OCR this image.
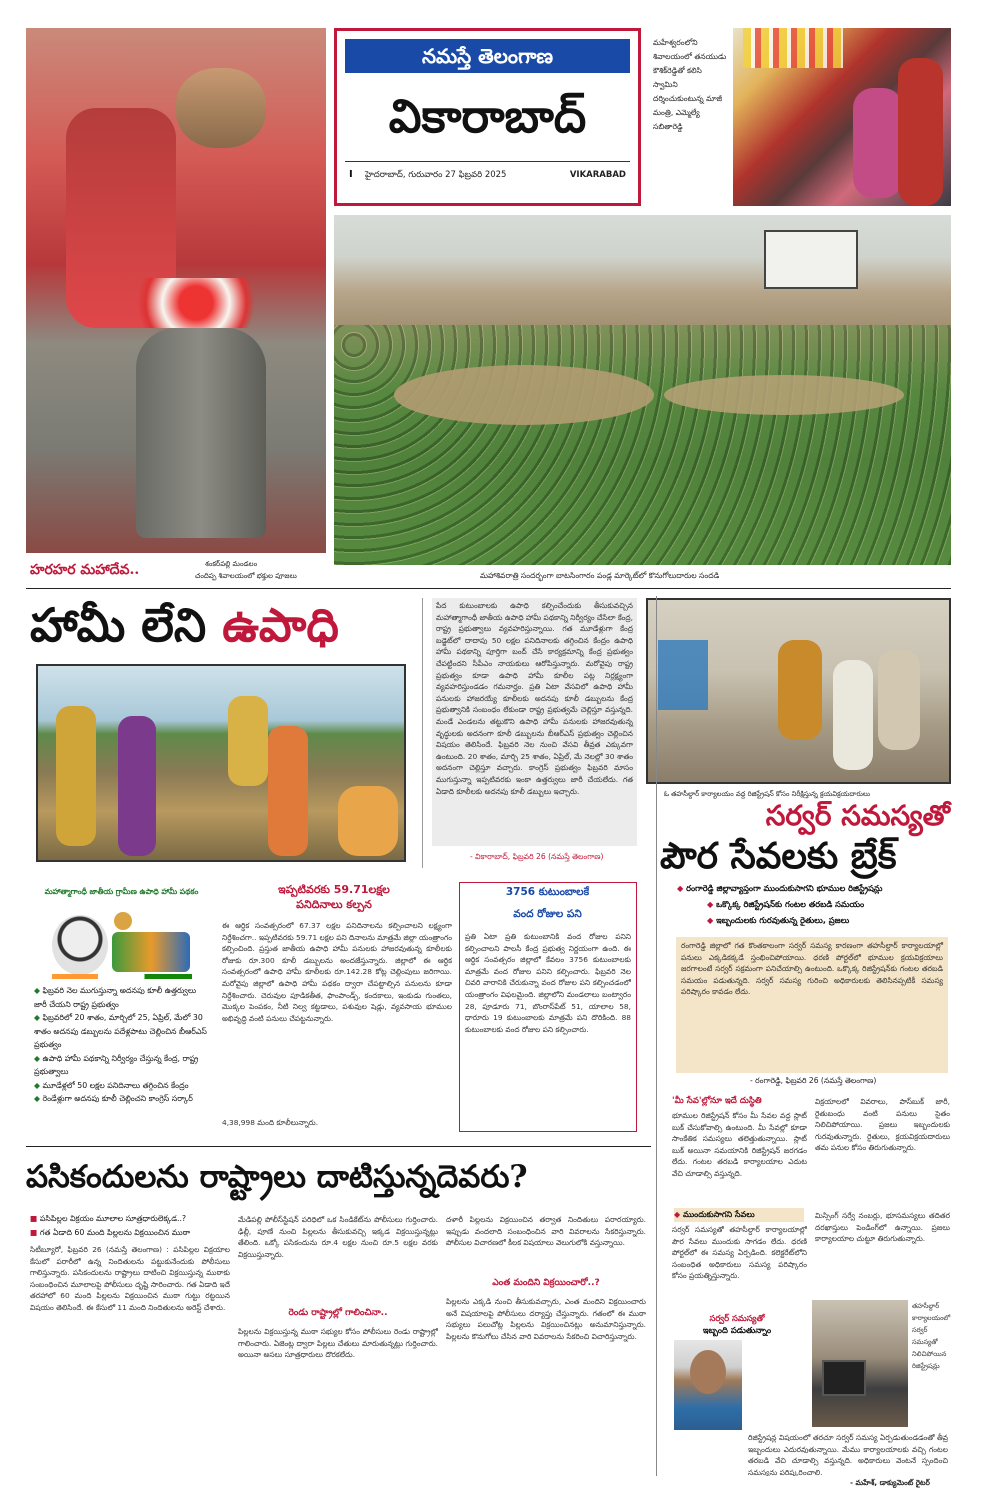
హరహర మహాదేవ..	శంకర్‌పల్లి మండలం
చందిప్ప శివాలయంలో భక్తుల పూజలు
నమస్తే తెలంగాణ
వికారాబాద్
I హైదరాబాద్, గురువారం 27 ఫిబ్రవరి 2025	VIKARABAD
మహేశ్వరంలోని శివాలయంలో తనయుడు కౌశిక్‌రెడ్డితో కలిసి స్వామిని దర్శించుకుంటున్న మాజీ మంత్రి, ఎమ్మెల్యే సబితారెడ్డి
మహాశివరాత్రి సందర్భంగా బాటసింగారం పండ్ల మార్కెట్‌లో కొనుగోలుదారుల సందడి
హామీ లేని ఉపాధి	పేద కుటుంబాలకు ఉపాధి కల్పించేందుకు తీసుకువచ్చిన మహాత్మాగాంధీ జాతీయ ఉపాధి హామీ పథకాన్ని నిర్వీర్యం చేసేలా కేంద్ర, రాష్ట్ర ప్రభుత్వాలు వ్యవహరిస్తున్నాయి. గత మూడేళ్లుగా కేంద్ర బడ్జెట్‌లో దాదాపు 50 లక్షల పనిదినాలకు తగ్గించిన కేంద్రం ఉపాధి హామీ పథకాన్ని పూర్తిగా బంద్ చేసే కార్యక్రమాన్ని కేంద్ర ప్రభుత్వం చేపట్టిందని సీపీఎం నాయకులు ఆరోపిస్తున్నారు. మరోవైపు రాష్ట్ర ప్రభుత్వం కూడా ఉపాధి హామీ కూలీల పట్ల నిర్లక్ష్యంగా వ్యవహరిస్తుండడం గమనార్హం. ప్రతి ఏటా వేసవిలో ఉపాధి హామీ పనులకు హాజరయ్యే కూలీలకు అదనపు కూలీ డబ్బులను కేంద్ర ప్రభుత్వానికి సంబంధం లేకుండా రాష్ట్ర ప్రభుత్వమే చెల్లిస్తూ వస్తున్నది. మండే ఎండలను తట్టుకొని ఉపాధి హామీ పనులకు హాజరవుతున్న వృద్ధులకు అదనంగా కూలీ డబ్బులను బీఆర్‌ఎస్ ప్రభుత్వం చెల్లించిన విషయం తెలిసిందే. ఫిబ్రవరి నెల నుంచి వేసవి తీవ్రత ఎక్కువగా ఉంటుంది. 20 శాతం, మార్చి 25 శాతం, ఏప్రిల్, మే నెలల్లో 30 శాతం అదనంగా చెల్లిస్తూ వచ్చారు. కాంగ్రెస్ ప్రభుత్వం ఫిబ్రవరి మాసం ముగుస్తున్నా ఇప్పటివరకు ఇంకా ఉత్తర్వులు జారీ చేయలేదు. గత ఏడాది కూలీలకు అదనపు కూలీ డబ్బులు ఇచ్చారు.
- వికారాబాద్, ఫిబ్రవరి 26 (నమస్తే తెలంగాణ)
ఓ తహసీల్దార్ కార్యాలయం వద్ద రిజిస్ట్రేషన్ కోసం నిరీక్షిస్తున్న క్రయవిక్రయదారులు
సర్వర్ సమస్యతో
పౌర సేవలకు బ్రేక్
◆ రంగారెడ్డి జిల్లావ్యాప్తంగా ముందుకుసాగని భూముల రిజిస్ట్రేషన్లు
◆ ఒక్కొక్క రిజిస్ట్రేషన్‌కు గంటల తరబడి సమయం
◆ ఇబ్బందులకు గురవుతున్న రైతులు, ప్రజలు
రంగారెడ్డి జిల్లాలో గత కొంతకాలంగా సర్వర్ సమస్య కారణంగా తహసీల్దార్ కార్యాలయాల్లో పనులు ఎక్కడికక్కడే స్తంభించిపోయాయి. ధరణి పోర్టల్‌లో భూముల క్రయవిక్రయాలు జరగాలంటే సర్వర్ సక్రమంగా పనిచేయాల్సి ఉంటుంది. ఒక్కొక్క రిజిస్ట్రేషన్‌కు గంటల తరబడి సమయం పడుతున్నది. సర్వర్ సమస్య గురించి అధికారులకు తెలిసినప్పటికీ సమస్య పరిష్కారం కావడం లేదు.
- రంగారెడ్డి, ఫిబ్రవరి 26 (నమస్తే తెలంగాణ)
'మీ సేవ'ల్లోనూ ఇదే దుస్థితి
భూముల రిజిస్ట్రేషన్ కోసం మీ సేవల వద్ద స్లాట్ బుక్ చేసుకోవాల్సి ఉంటుంది. మీ సేవల్లో కూడా సాంకేతిక సమస్యలు తలెత్తుతున్నాయి. స్లాట్ బుక్ అయినా సమయానికి రిజిస్ట్రేషన్ జరగడం లేదు. గంటల తరబడి కార్యాలయాల ఎదుట వేచి చూడాల్సి వస్తున్నది.
విక్రయాలలో వివరాలు, పాస్‌బుక్ జారీ, రైతుబంధు వంటి పనులు సైతం నిలిచిపోయాయి. ప్రజలు ఇబ్బందులకు గురవుతున్నారు. రైతులు, క్రయవిక్రయదారులు తమ పనుల కోసం తిరుగుతున్నారు.
◆ ముందుకుసాగని సేవలు
సర్వర్ సమస్యతో తహసీల్దార్ కార్యాలయాల్లో పౌర సేవలు ముందుకు సాగడం లేదు. ధరణి పోర్టల్‌లో ఈ సమస్య ఏర్పడింది. కలెక్టరేట్‌లోని సంబంధిత అధికారులు సమస్య పరిష్కారం కోసం ప్రయత్నిస్తున్నారు.
మిస్సింగ్ సర్వే నంబర్లు, భూసమస్యలు తదితర దరఖాస్తులు పెండింగ్‌లో ఉన్నాయి. ప్రజలు కార్యాలయాల చుట్టూ తిరుగుతున్నారు.
సర్వర్ సమస్యతో
ఇబ్బంది పడుతున్నాం
తహసీల్దార్ కార్యాలయంలో సర్వర్ సమస్యతో నిలిచిపోయిన రిజిస్ట్రేషన్లు
రిజిస్ట్రేషన్ల విషయంలో తరచూ సర్వర్ సమస్య ఏర్పడుతుండడంతో తీవ్ర ఇబ్బందులు ఎదురవుతున్నాయి. మేము కార్యాలయాలకు వచ్చి గంటల తరబడి వేచి చూడాల్సి వస్తున్నది. అధికారులు వెంటనే స్పందించి సమస్యను పరిష్కరించాలి.
- మహేశ్, డాక్యుమెంట్ రైటర్
మహాత్మాగాంధీ జాతీయ గ్రామీణ ఉపాధి హామీ పథకం
◆ ఫిబ్రవరి నెల ముగుస్తున్నా అదనపు కూలీ ఉత్తర్వులు జారీ చేయని రాష్ట్ర ప్రభుత్వం
◆ ఫిబ్రవరిలో 20 శాతం, మార్చిలో 25, ఏప్రిల్, మేలో 30 శాతం అదనపు డబ్బులను పదేళ్లపాటు చెల్లించిన బీఆర్‌ఎస్ ప్రభుత్వం
◆ ఉపాధి హామీ పథకాన్ని నిర్వీర్యం చేస్తున్న కేంద్ర, రాష్ట్ర ప్రభుత్వాలు
◆ మూడేళ్లలో 50 లక్షల పనిదినాలు తగ్గించిన కేంద్రం
◆ రెండేళ్లుగా అదనపు కూలీ చెల్లించని కాంగ్రెస్ సర్కార్
ఇప్పటివరకు 59.71లక్షల
పనిదినాలు కల్పన
ఈ ఆర్థిక సంవత్సరంలో 67.37 లక్షల పనిదినాలను కల్పించాలని లక్ష్యంగా నిర్దేశించగా.. ఇప్పటివరకు 59.71 లక్షల పని దినాలను మాత్రమే జిల్లా యంత్రాంగం కల్పించింది. ప్రస్తుత జాతీయ ఉపాధి హామీ పనులకు హాజరవుతున్న కూలీలకు రోజుకు రూ.300 కూలీ డబ్బులను అందజేస్తున్నారు. జిల్లాలో ఈ ఆర్థిక సంవత్సరంలో ఉపాధి హామీ కూలీలకు రూ.142.28 కోట్ల చెల్లింపులు జరిగాయి. మరోవైపు జిల్లాలో ఉపాధి హామీ పథకం ద్వారా చేపట్టాల్సిన పనులను కూడా నిర్దేశించారు. చెరువుల పూడికతీత, ఫాంపాండ్స్, కందకాలు, ఇంకుడు గుంతలు, మొక్కల పెంపకం, నీటి నిల్వ కట్టడాలు, పశువుల షెడ్లు, వ్యవసాయ భూముల అభివృద్ధి వంటి పనులు చేపట్టనున్నారు.
4,38,998 మంది కూలీలున్నారు.
3756 కుటుంబాలకే
వంద రోజుల పని
ప్రతి ఏటా ప్రతి కుటుంబానికి వంద రోజుల పనిని కల్పించాలని పాలసీ కేంద్ర ప్రభుత్వ నిర్ణయంగా ఉంది. ఈ ఆర్థిక సంవత్సరం జిల్లాలో కేవలం 3756 కుటుంబాలకు మాత్రమే వంద రోజుల పనిని కల్పించారు. ఫిబ్రవరి నెల చివరి వారానికి చేరుకున్నా వంద రోజుల పని కల్పించడంలో యంత్రాంగం విఫలమైంది. జిల్లాలోని మండలాలు బంట్వారం 28, పూడూరు 71, బొంరాస్‌పేట్ 51, యాలాల 58, ధారూరు 19 కుటుంబాలకు మాత్రమే పని దొరికింది. 88 కుటుంబాలకు వంద రోజుల పని కల్పించారు.
పసికందులను రాష్ట్రాలు దాటిస్తున్నదెవరు?
■ పసిపిల్లల విక్రయం మూలాల సూత్రధారులెక్కడ..?
■ గత ఏడాది 60 మంది పిల్లలను విక్రయించిన ముఠా
సిటీబ్యూరో, ఫిబ్రవరి 26 (నమస్తే తెలంగాణ) : పసిపిల్లల విక్రయాల కేసులో పరారీలో ఉన్న నిందితులను పట్టుకునేందుకు పోలీసులు గాలిస్తున్నారు. పసికందులను రాష్ట్రాలు దాటించి విక్రయిస్తున్న ముఠాకు సంబంధించిన మూలాలపై పోలీసులు దృష్టి సారించారు. గత ఏడాది ఇదే తరహాలో 60 మంది పిల్లలను విక్రయించిన ముఠా గుట్టు రట్టయిన విషయం తెలిసిందే. ఈ కేసులో 11 మంది నిందితులను అరెస్ట్ చేశారు.
మేడిపల్లి పోలీస్‌స్టేషన్ పరిధిలో ఒక సిండికేట్‌ను పోలీసులు గుర్తించారు. ఢిల్లీ, పూణే నుంచి పిల్లలను తీసుకువచ్చి ఇక్కడ విక్రయిస్తున్నట్లు తేలింది. ఒక్కో పసికందును రూ.4 లక్షల నుంచి రూ.5 లక్షల వరకు విక్రయిస్తున్నారు.
రెండు రాష్ట్రాల్లో గాలించినా..
పిల్లలను విక్రయిస్తున్న ముఠా సభ్యుల కోసం పోలీసులు రెండు రాష్ట్రాల్లో గాలించారు. ఏజెంట్ల ద్వారా పిల్లలు చేతులు మారుతున్నట్లు గుర్తించారు. అయినా అసలు సూత్రధారులు దొరకలేదు.
దళారీ పిల్లలను విక్రయించిన తర్వాత నిందితులు పరారయ్యారు. ఇప్పుడు వందలాది సంబంధించిన వారి వివరాలను సేకరిస్తున్నారు. పోలీసుల విచారణలో కీలక విషయాలు వెలుగులోకి వస్తున్నాయి.
ఎంత మందిని విక్రయించారో..?
పిల్లలను ఎక్కడి నుంచి తీసుకువచ్చారు, ఎంత మందిని విక్రయించారు అనే విషయాలపై పోలీసులు దర్యాప్తు చేస్తున్నారు. గతంలో ఈ ముఠా సభ్యులు పలుచోట్ల పిల్లలను విక్రయించినట్లు అనుమానిస్తున్నారు. పిల్లలను కొనుగోలు చేసిన వారి వివరాలను సేకరించి విచారిస్తున్నారు.
